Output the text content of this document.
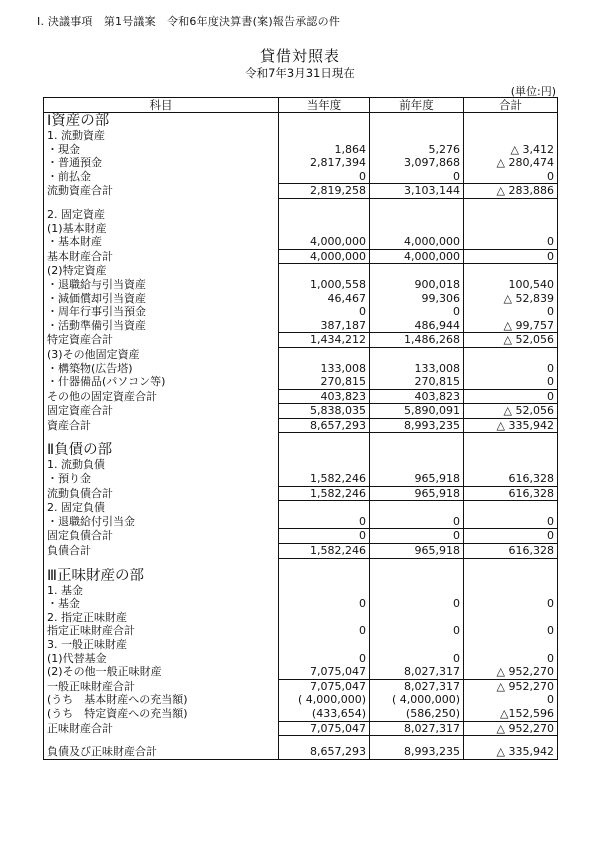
Ⅰ. 決議事項　第1号議案　令和6年度決算書(案)報告承認の件
貸借対照表
令和7年3月31日現在
(単位:円)
科目	当年度	前年度	合計
Ⅰ資産の部			
1. 流動資産			
・現金	1,864	5,276	△ 3,412
・普通預金	2,817,394	3,097,868	△ 280,474
・前払金	0	0	0
流動資産合計	2,819,258	3,103,144	△ 283,886

2. 固定資産			
(1)基本財産			
・基本財産	4,000,000	4,000,000	0
基本財産合計	4,000,000	4,000,000	0
(2)特定資産			
・退職給与引当資産	1,000,558	900,018	100,540
・減価償却引当資産	46,467	99,306	△ 52,839
・周年行事引当預金	0	0	0
・活動準備引当資産	387,187	486,944	△ 99,757
特定資産合計	1,434,212	1,486,268	△ 52,056
(3)その他固定資産			
・構築物(広告塔)	133,008	133,008	0
・什器備品(パソコン等)	270,815	270,815	0
その他の固定資産合計	403,823	403,823	0
固定資産合計	5,838,035	5,890,091	△ 52,056
資産合計	8,657,293	8,993,235	△ 335,942

Ⅱ負債の部			
1. 流動負債			
・預り金	1,582,246	965,918	616,328
流動負債合計	1,582,246	965,918	616,328
2. 固定負債			
・退職給付引当金	0	0	0
固定負債合計	0	0	0
負債合計	1,582,246	965,918	616,328

Ⅲ正味財産の部			
1. 基金			
・基金	0	0	0
2. 指定正味財産			
指定正味財産合計	0	0	0
3. 一般正味財産			
(1)代替基金	0	0	0
(2)その他一般正味財産	7,075,047	8,027,317	△ 952,270
一般正味財産合計	7,075,047	8,027,317	△ 952,270
(うち　基本財産への充当額)	( 4,000,000)	( 4,000,000)	0
(うち　特定資産への充当額)	(433,654)	(586,250)	△152,596
正味財産合計	7,075,047	8,027,317	△ 952,270

負債及び正味財産合計	8,657,293	8,993,235	△ 335,942
